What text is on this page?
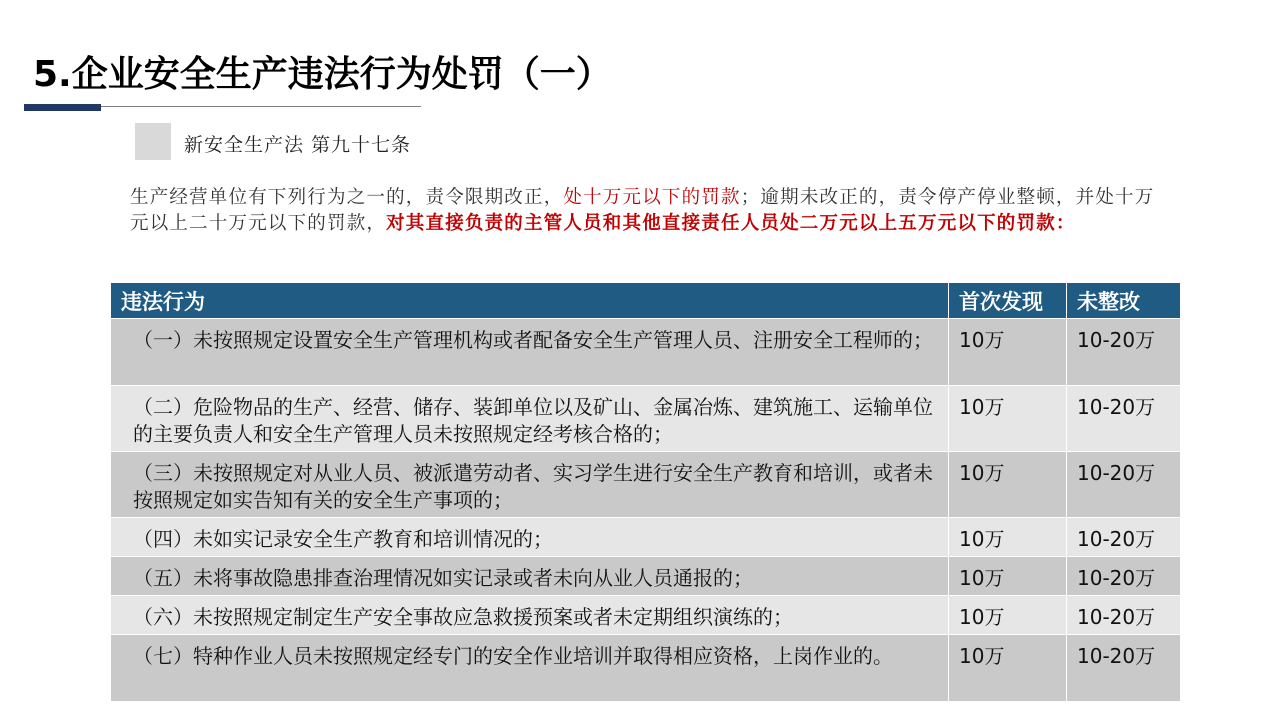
5.企业安全生产违法行为处罚（一）
新安全生产法 第九十七条
生产经营单位有下列行为之一的，责令限期改正，处十万元以下的罚款；逾期未改正的，责令停产停业整顿，并处十万元以上二十万元以下的罚款，对其直接负责的主管人员和其他直接责任人员处二万元以上五万元以下的罚款：
违法行为	首次发现	未整改
（一）未按照规定设置安全生产管理机构或者配备安全生产管理人员、注册安全工程师的；	10万	10-20万
（二）危险物品的生产、经营、储存、装卸单位以及矿山、金属冶炼、建筑施工、运输单位的主要负责人和安全生产管理人员未按照规定经考核合格的；	10万	10-20万
（三）未按照规定对从业人员、被派遣劳动者、实习学生进行安全生产教育和培训，或者未按照规定如实告知有关的安全生产事项的；	10万	10-20万
（四）未如实记录安全生产教育和培训情况的；	10万	10-20万
（五）未将事故隐患排查治理情况如实记录或者未向从业人员通报的；	10万	10-20万
（六）未按照规定制定生产安全事故应急救援预案或者未定期组织演练的；	10万	10-20万
（七）特种作业人员未按照规定经专门的安全作业培训并取得相应资格，上岗作业的。	10万	10-20万
